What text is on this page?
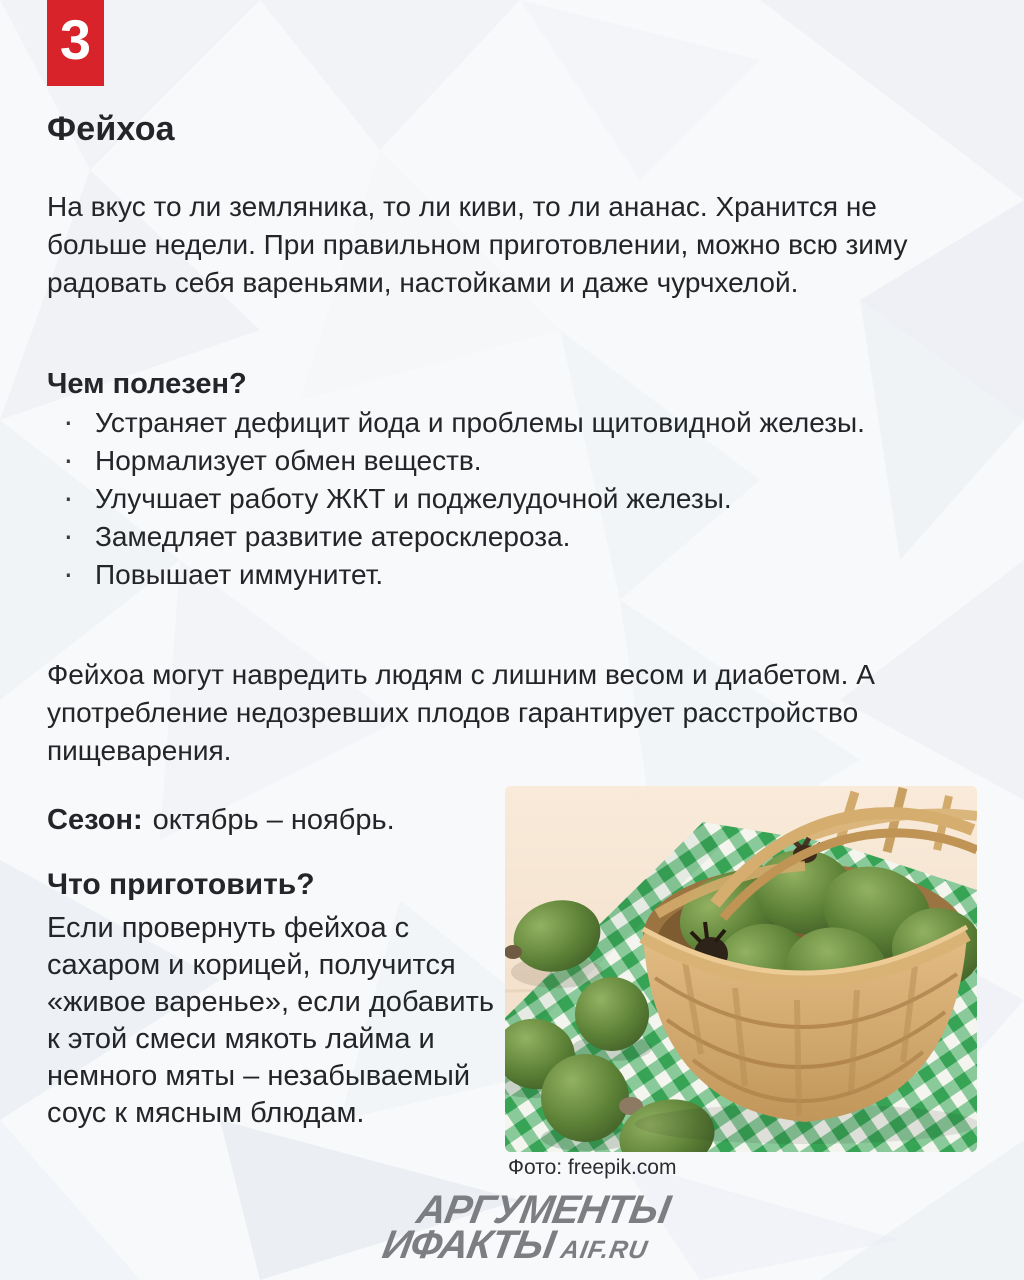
3
Фейхоа

На вкус то ли земляника, то ли киви, то ли ананас. Хранится не больше недели. При правильном приготовлении, можно всю зиму радовать себя вареньями, настойками и даже чурчхелой.

Чем полезен?
· Устраняет дефицит йода и проблемы щитовидной железы.
· Нормализует обмен веществ.
· Улучшает работу ЖКТ и поджелудочной железы.
· Замедляет развитие атеросклероза.
· Повышает иммунитет.

Фейхоа могут навредить людям с лишним весом и диабетом. А употребление недозревших плодов гарантирует расстройство пищеварения.

Сезон: октябрь – ноябрь.
Что приготовить?

Если провернуть фейхоа с сахаром и корицей, получится «живое варенье», если добавить к этой смеси мякоть лайма и немного мяты – незабываемый соус к мясным блюдам.

Фото: freepik.com
АРГУМЕНТЫ
ИФАКТЫ AIF.RU
